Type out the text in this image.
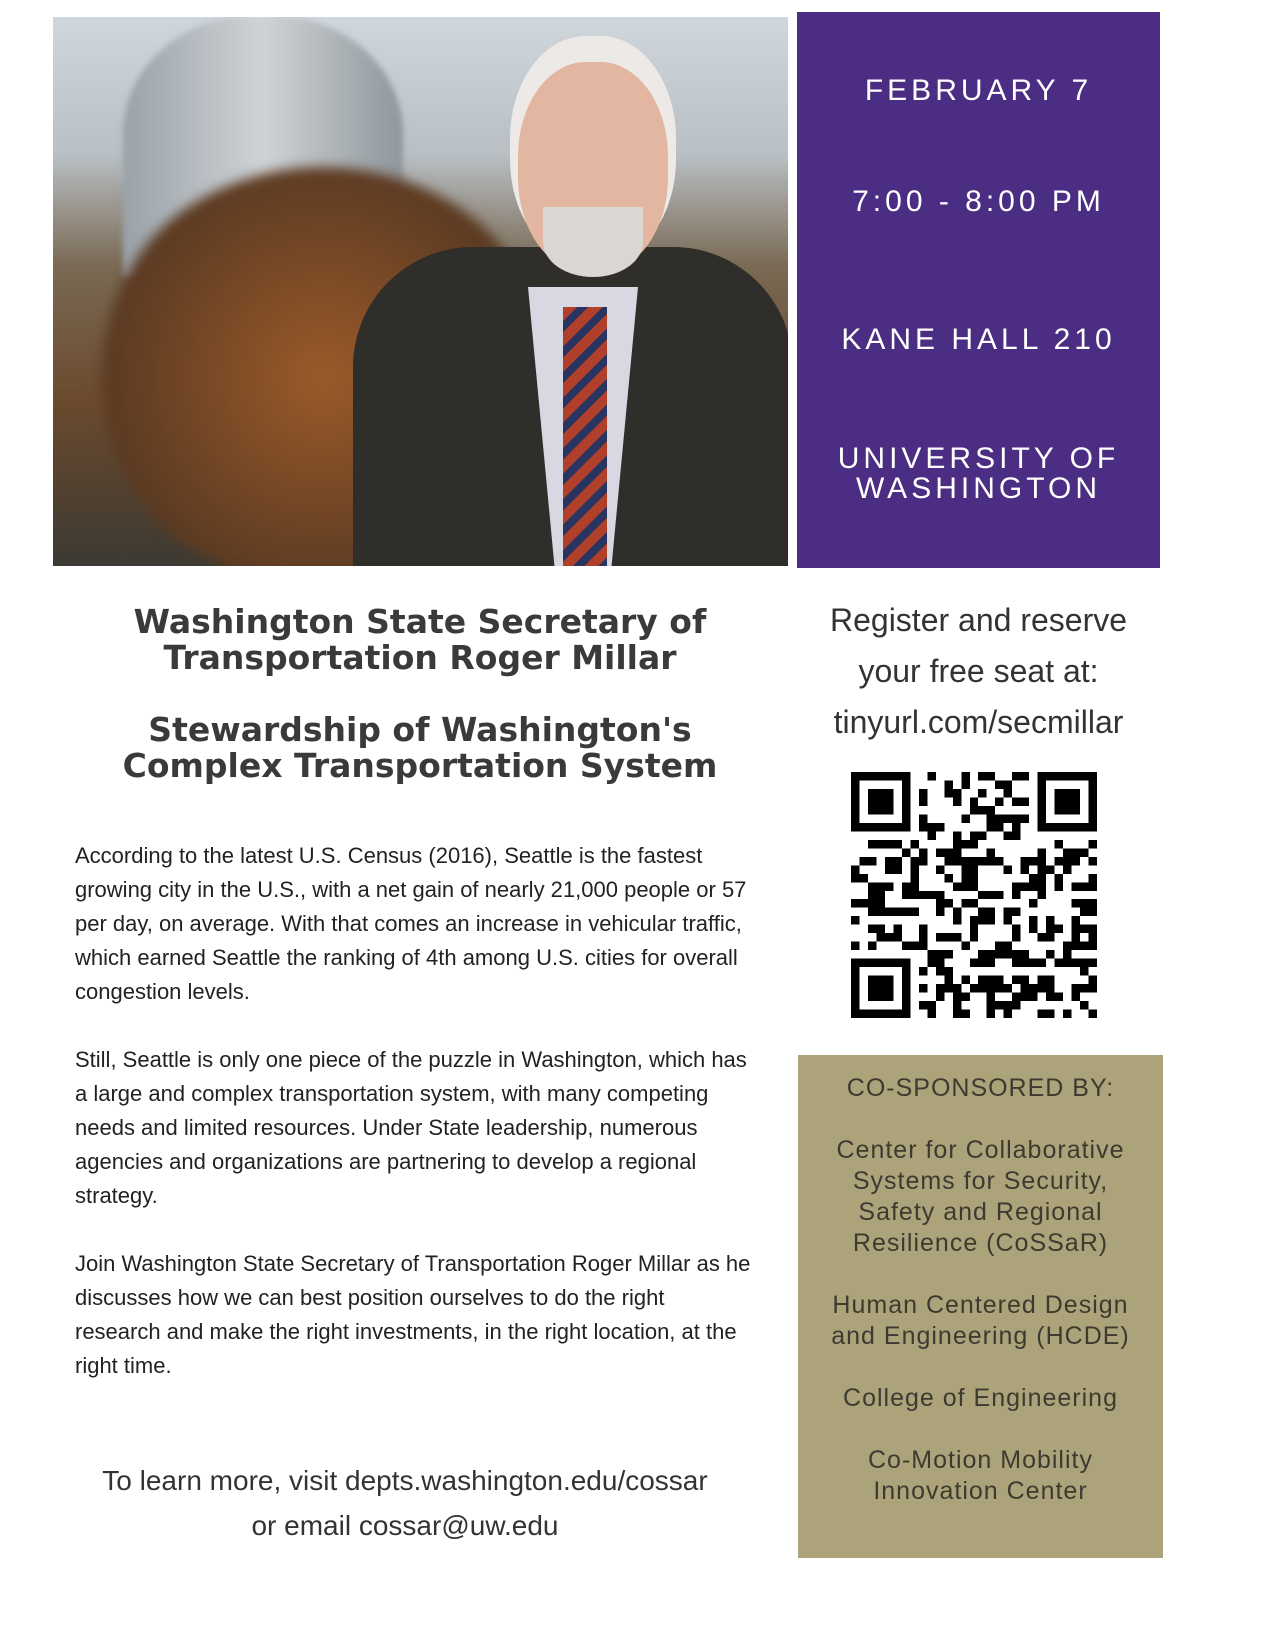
FEBRUARY 7
7:00 - 8:00 PM
KANE HALL 210
UNIVERSITY OF WASHINGTON
Washington State Secretary of Transportation Roger Millar
Stewardship of Washington's Complex Transportation System

According to the latest U.S. Census (2016), Seattle is the fastest growing city in the U.S., with a net gain of nearly 21,000 people or 57 per day, on average. With that comes an increase in vehicular traffic, which earned Seattle the ranking of 4th among U.S. cities for overall congestion levels.

Still, Seattle is only one piece of the puzzle in Washington, which has a large and complex transportation system, with many competing needs and limited resources. Under State leadership, numerous agencies and organizations are partnering to develop a regional strategy.

Join Washington State Secretary of Transportation Roger Millar as he discusses how we can best position ourselves to do the right research and make the right investments, in the right location, at the right time.

To learn more, visit depts.washington.edu/cossar
or email cossar@uw.edu
Register and reserve
your free seat at:
tinyurl.com/secmillar
CO-SPONSORED BY:
Center for Collaborative Systems for Security, Safety and Regional Resilience (CoSSaR)
Human Centered Design and Engineering (HCDE)
College of Engineering
Co-Motion Mobility Innovation Center
